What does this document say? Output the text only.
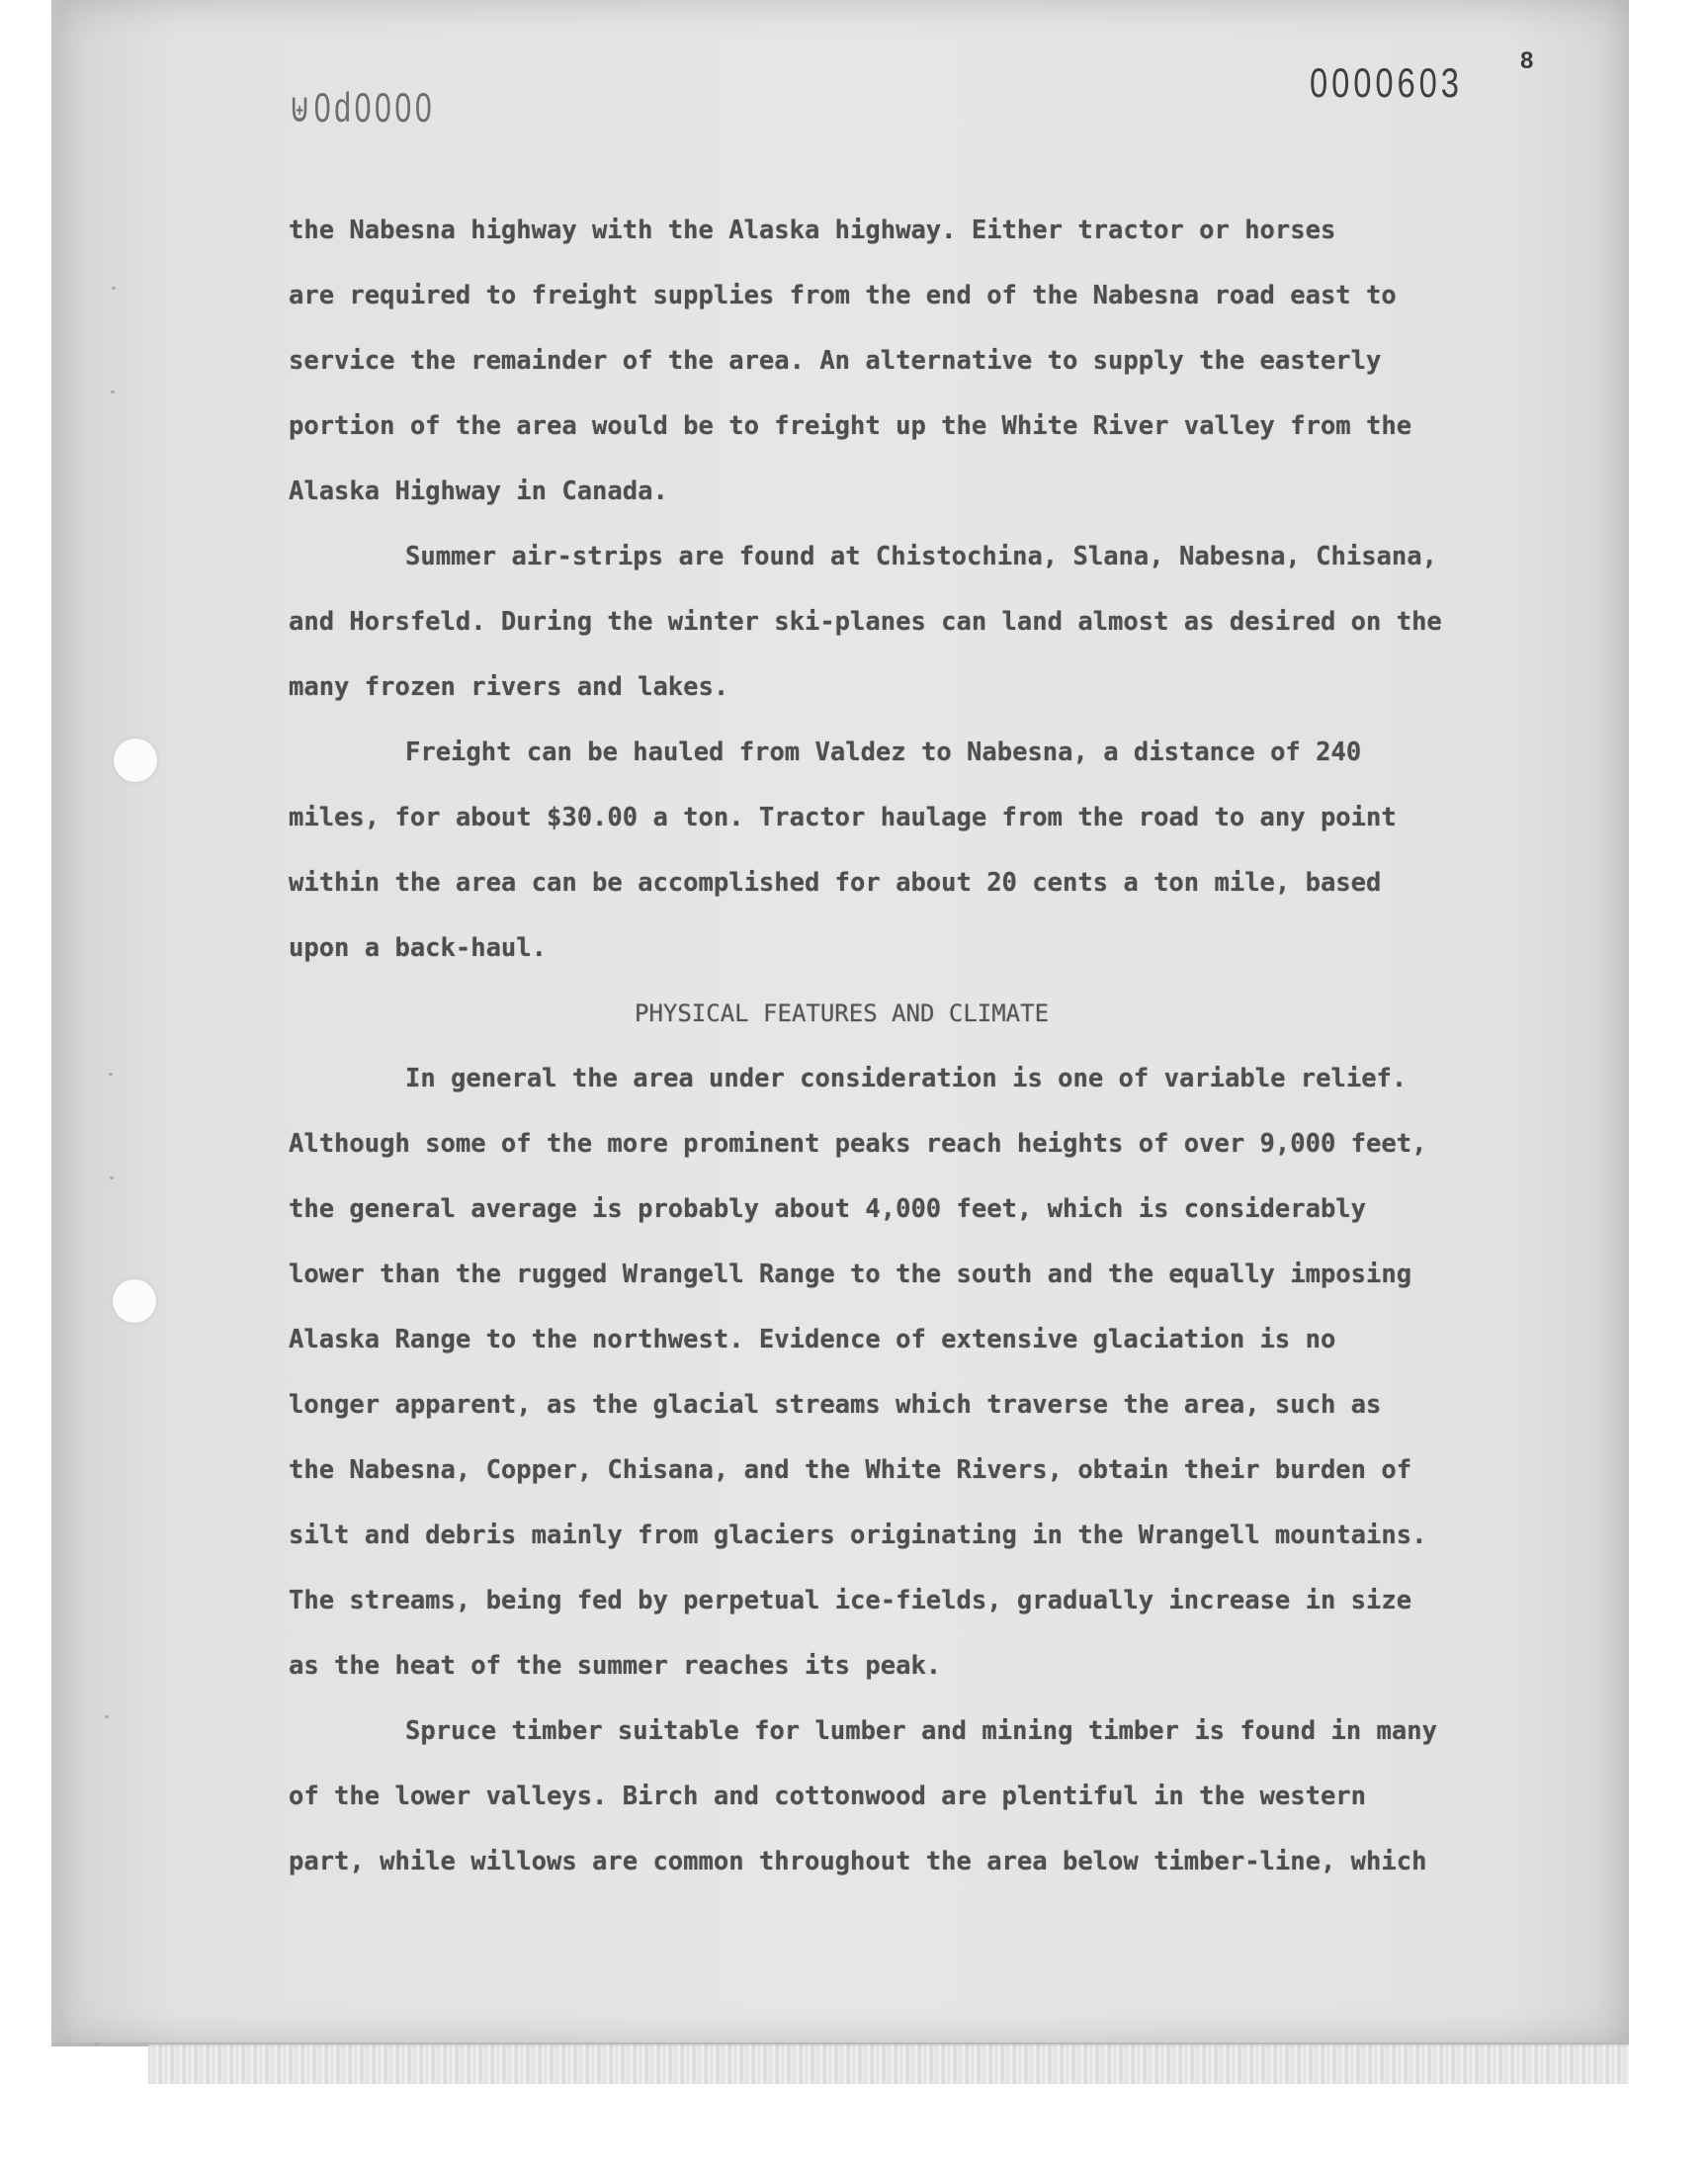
⊎0d0000
0000603 8
the Nabesna highway with the Alaska highway. Either tractor or horses
are required to freight supplies from the end of the Nabesna road east to
service the remainder of the area. An alternative to supply the easterly
portion of the area would be to freight up the White River valley from the
Alaska Highway in Canada.
Summer air-strips are found at Chistochina, Slana, Nabesna, Chisana,
and Horsfeld. During the winter ski-planes can land almost as desired on the
many frozen rivers and lakes.
Freight can be hauled from Valdez to Nabesna, a distance of 240
miles, for about $30.00 a ton. Tractor haulage from the road to any point
within the area can be accomplished for about 20 cents a ton mile, based
upon a back-haul.
PHYSICAL FEATURES AND CLIMATE
In general the area under consideration is one of variable relief.
Although some of the more prominent peaks reach heights of over 9,000 feet,
the general average is probably about 4,000 feet, which is considerably
lower than the rugged Wrangell Range to the south and the equally imposing
Alaska Range to the northwest. Evidence of extensive glaciation is no
longer apparent, as the glacial streams which traverse the area, such as
the Nabesna, Copper, Chisana, and the White Rivers, obtain their burden of
silt and debris mainly from glaciers originating in the Wrangell mountains.
The streams, being fed by perpetual ice-fields, gradually increase in size
as the heat of the summer reaches its peak.
Spruce timber suitable for lumber and mining timber is found in many
of the lower valleys. Birch and cottonwood are plentiful in the western
part, while willows are common throughout the area below timber-line, which
